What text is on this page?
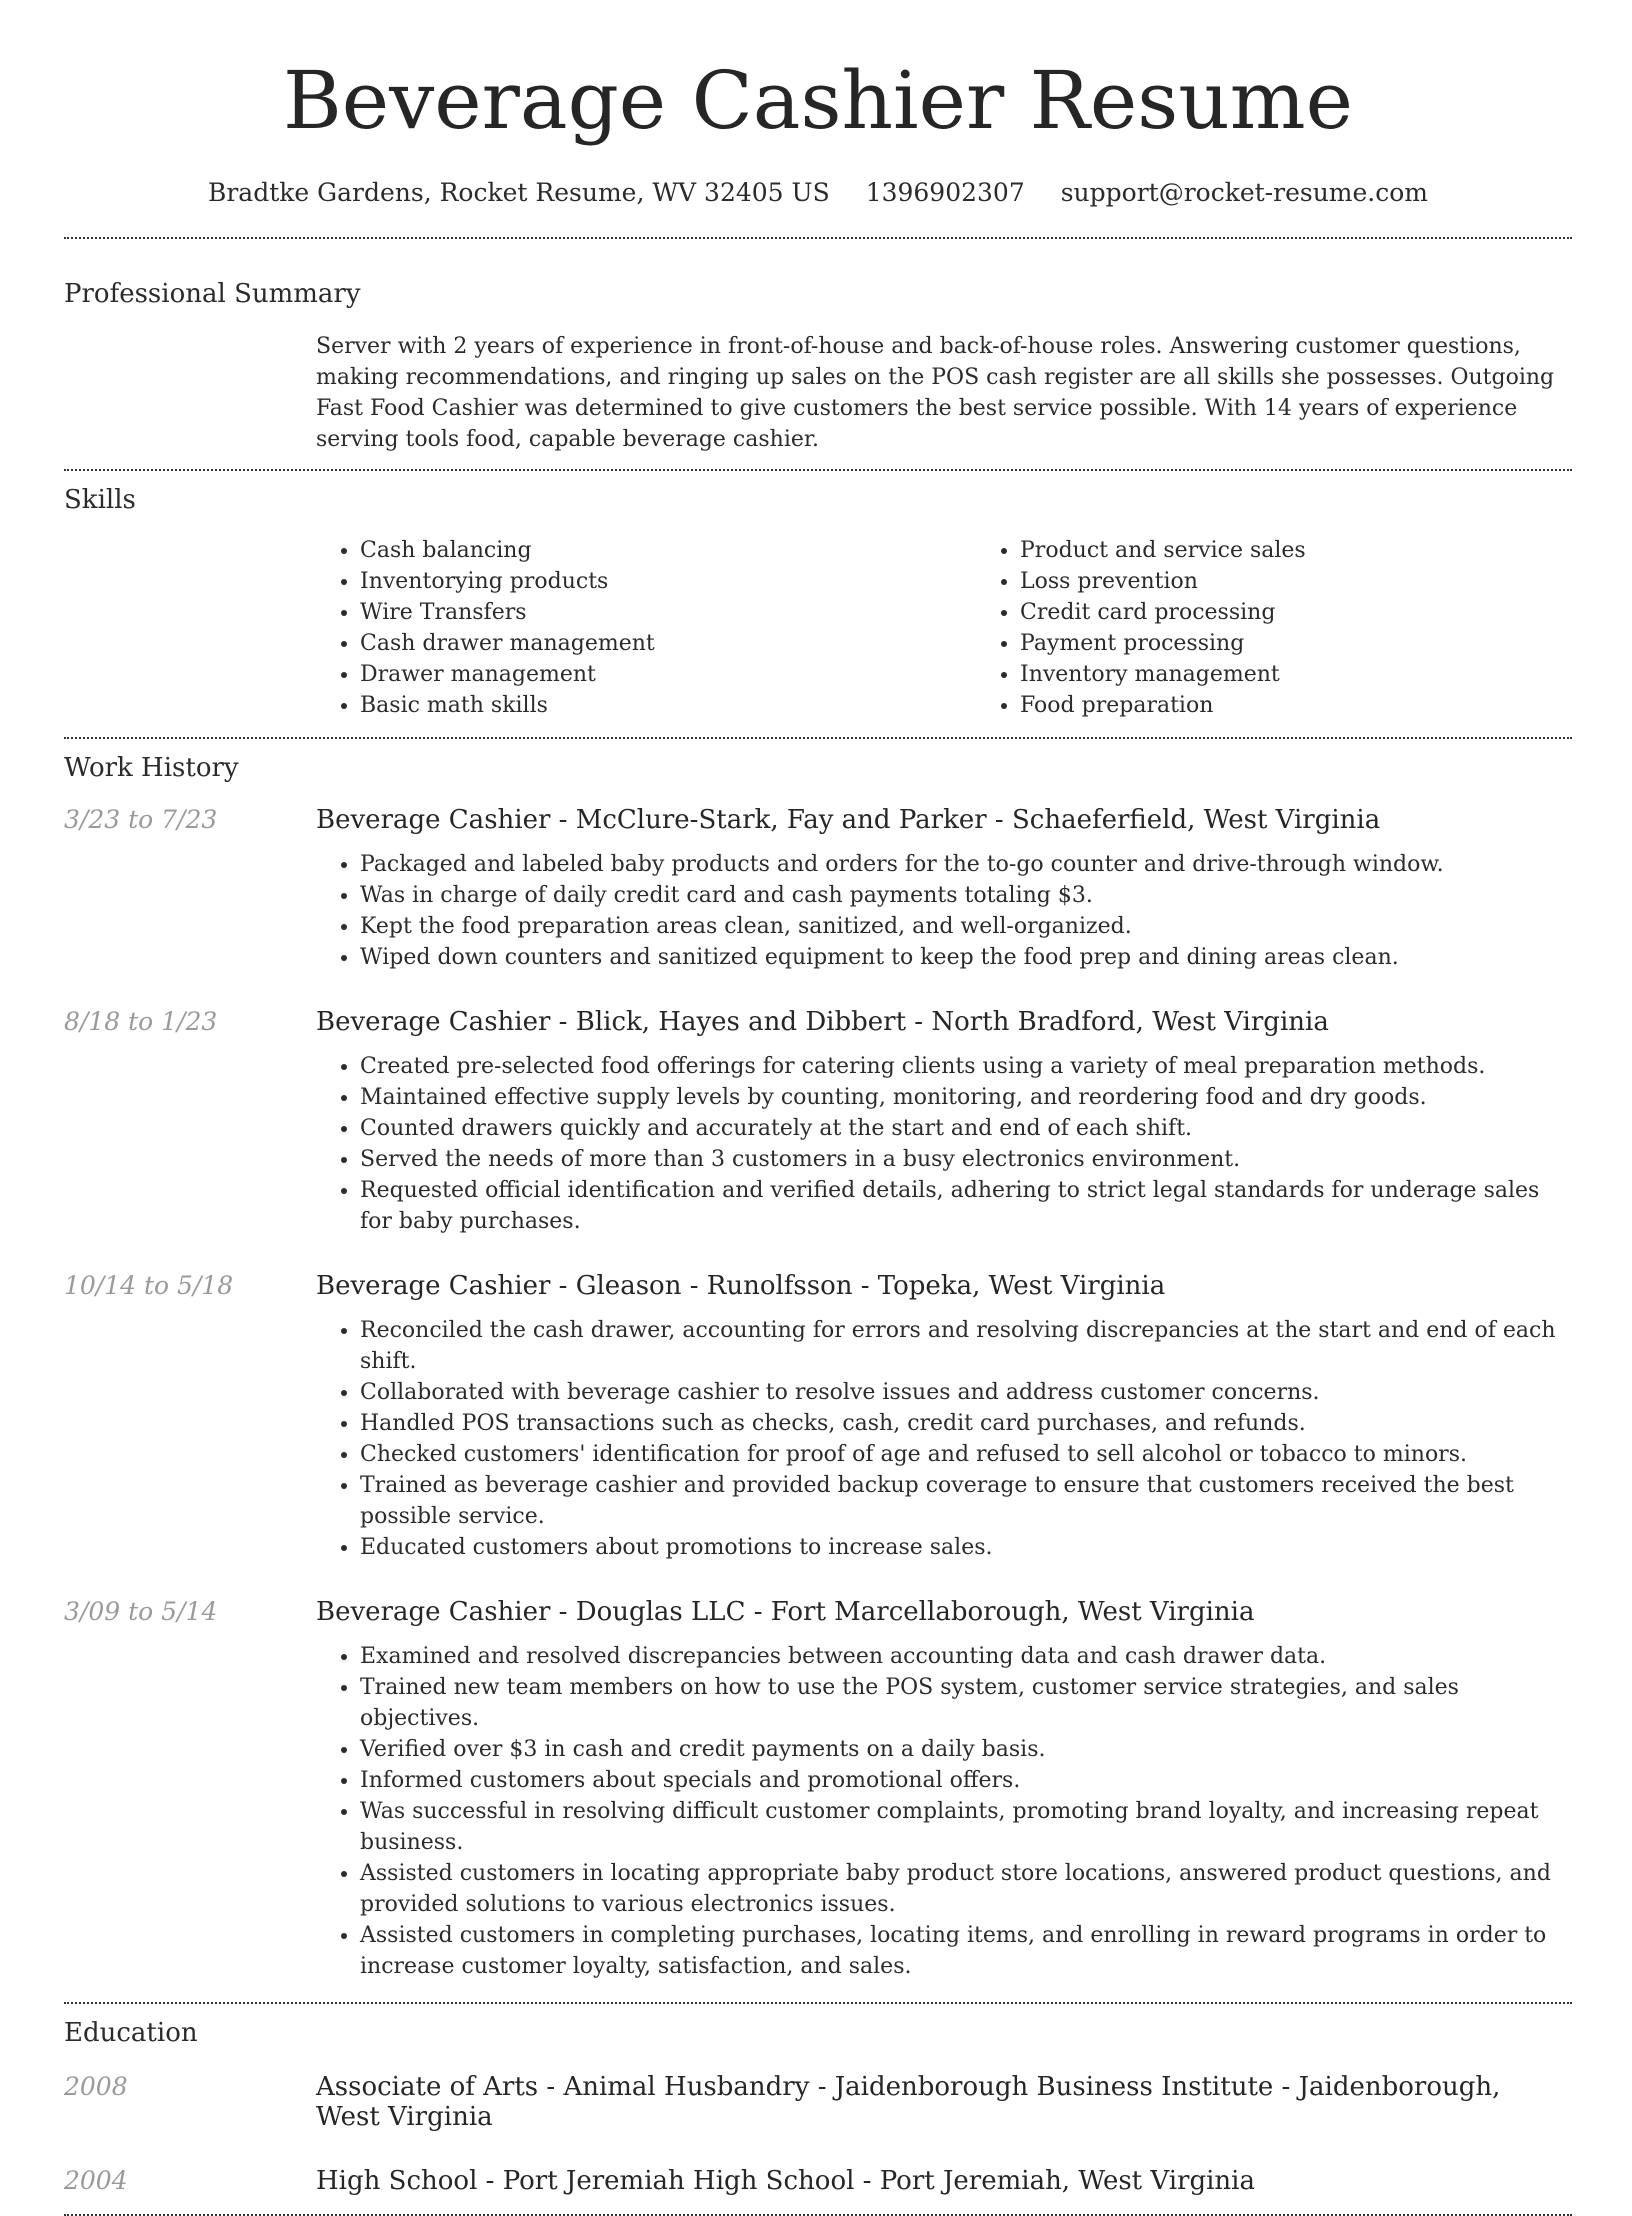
Beverage Cashier Resume
Bradtke Gardens, Rocket Resume, WV 32405 US 1396902307 support@rocket-resume.com
Professional Summary
Server with 2 years of experience in front-of-house and back-of-house roles. Answering customer questions, making recommendations, and ringing up sales on the POS cash register are all skills she possesses. Outgoing Fast Food Cashier was determined to give customers the best service possible. With 14 years of experience serving tools food, capable beverage cashier.
Skills
• Cash balancing
• Inventorying products
• Wire Transfers
• Cash drawer management
• Drawer management
• Basic math skills
• Product and service sales
• Loss prevention
• Credit card processing
• Payment processing
• Inventory management
• Food preparation
Work History
3/23 to 7/23	Beverage Cashier - McClure-Stark, Fay and Parker - Schaeferfield, West Virginia
• Packaged and labeled baby products and orders for the to-go counter and drive-through window.
• Was in charge of daily credit card and cash payments totaling $3.
• Kept the food preparation areas clean, sanitized, and well-organized.
• Wiped down counters and sanitized equipment to keep the food prep and dining areas clean.
8/18 to 1/23	Beverage Cashier - Blick, Hayes and Dibbert - North Bradford, West Virginia
• Created pre-selected food offerings for catering clients using a variety of meal preparation methods.
• Maintained effective supply levels by counting, monitoring, and reordering food and dry goods.
• Counted drawers quickly and accurately at the start and end of each shift.
• Served the needs of more than 3 customers in a busy electronics environment.
• Requested official identification and verified details, adhering to strict legal standards for underage sales for baby purchases.
10/14 to 5/18	Beverage Cashier - Gleason - Runolfsson - Topeka, West Virginia
• Reconciled the cash drawer, accounting for errors and resolving discrepancies at the start and end of each shift.
• Collaborated with beverage cashier to resolve issues and address customer concerns.
• Handled POS transactions such as checks, cash, credit card purchases, and refunds.
• Checked customers' identification for proof of age and refused to sell alcohol or tobacco to minors.
• Trained as beverage cashier and provided backup coverage to ensure that customers received the best possible service.
• Educated customers about promotions to increase sales.
3/09 to 5/14	Beverage Cashier - Douglas LLC - Fort Marcellaborough, West Virginia
• Examined and resolved discrepancies between accounting data and cash drawer data.
• Trained new team members on how to use the POS system, customer service strategies, and sales objectives.
• Verified over $3 in cash and credit payments on a daily basis.
• Informed customers about specials and promotional offers.
• Was successful in resolving difficult customer complaints, promoting brand loyalty, and increasing repeat business.
• Assisted customers in locating appropriate baby product store locations, answered product questions, and provided solutions to various electronics issues.
• Assisted customers in completing purchases, locating items, and enrolling in reward programs in order to increase customer loyalty, satisfaction, and sales.
Education
2008	Associate of Arts - Animal Husbandry - Jaidenborough Business Institute - Jaidenborough, West Virginia
2004	High School - Port Jeremiah High School - Port Jeremiah, West Virginia
